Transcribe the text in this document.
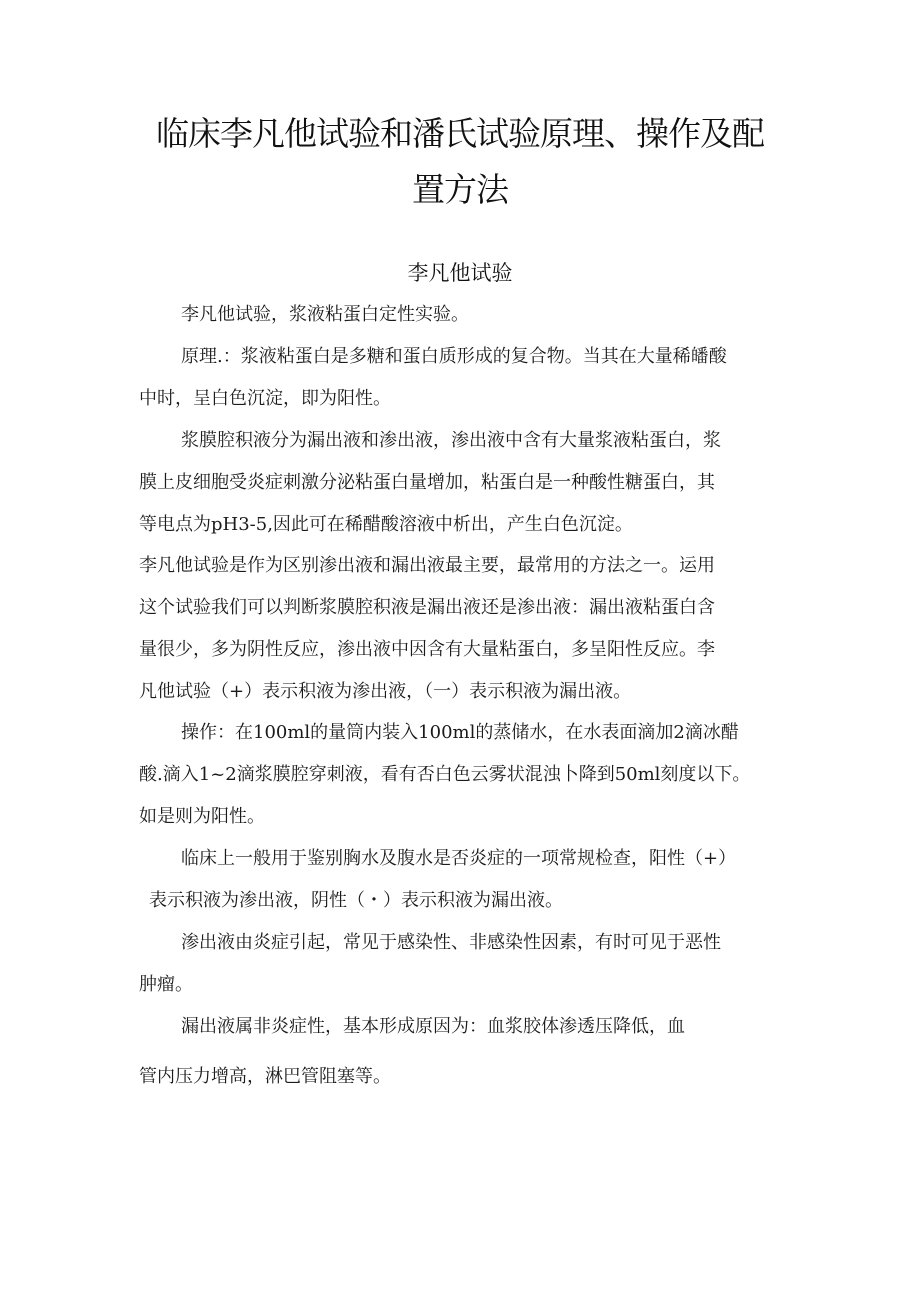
临床李凡他试验和潘氏试验原理、操作及配
置方法
李凡他试验

李凡他试验，浆液粘蛋白定性实验。

原理.：浆液粘蛋白是多糖和蛋白质形成的复合物。当其在大量稀皤酸

中时，呈白色沉淀，即为阳性。

浆膜腔积液分为漏出液和渗出液，渗出液中含有大量浆液粘蛋白，浆

膜上皮细胞受炎症刺激分泌粘蛋白量增加，粘蛋白是一种酸性糖蛋白，其

等电点为pH3-5,因此可在稀醋酸溶液中析出，产生白色沉淀。

李凡他试验是作为区别渗出液和漏出液最主要，最常用的方法之一。运用

这个试验我们可以判断浆膜腔积液是漏出液还是渗出液：漏出液粘蛋白含

量很少，多为阴性反应，渗出液中因含有大量粘蛋白，多呈阳性反应。李

凡他试验（+）表示积液为渗出液，（一）表示积液为漏出液。

操作：在100ml的量筒内装入100ml的蒸储水，在水表面滴加2滴冰醋

酸.滴入1~2滴浆膜腔穿刺液，看有否白色云雾状混浊卜降到50ml刻度以下。

如是则为阳性。

临床上一般用于鉴别胸水及腹水是否炎症的一项常规检查，阳性（+）

表示积液为渗出液，阴性（・）表示积液为漏出液。

渗出液由炎症引起，常见于感染性、非感染性因素，有时可见于恶性

肿瘤。

漏出液属非炎症性，基本形成原因为：血浆胶体渗透压降低，血

管内压力增高，淋巴管阻塞等。
